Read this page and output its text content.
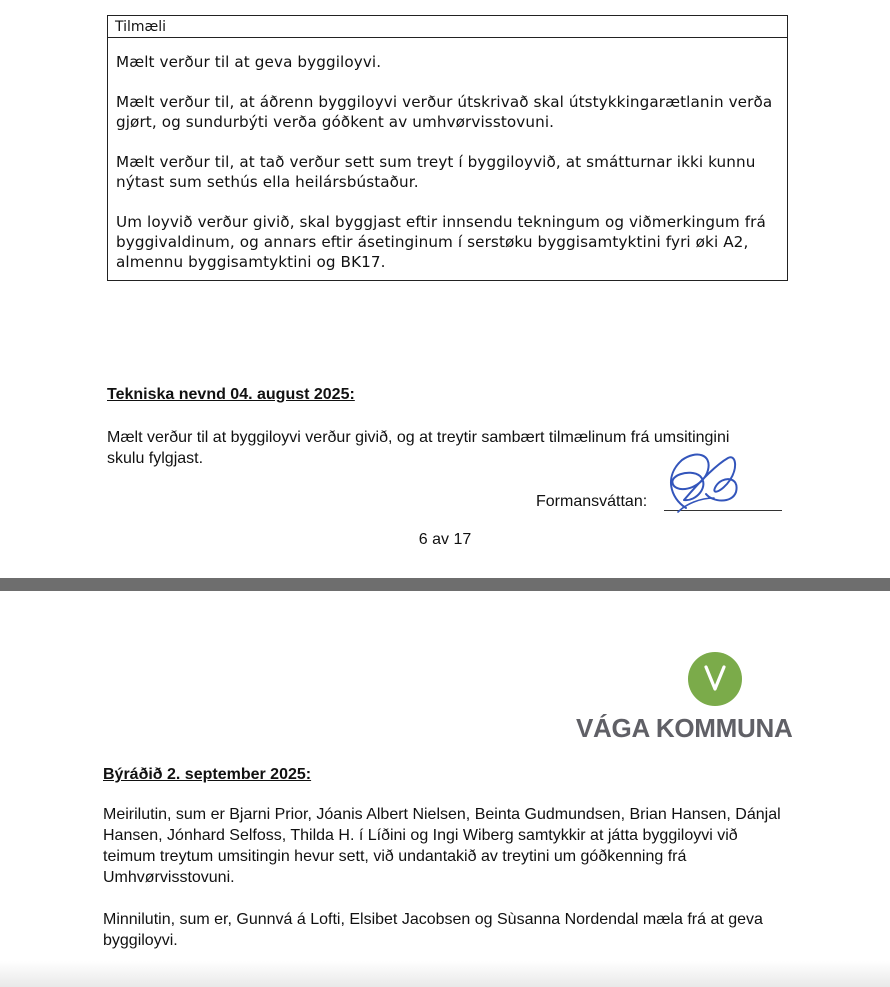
Tilmæli

Mælt verður til at geva byggiloyvi.

Mælt verður til, at áðrenn byggiloyvi verður útskrivað skal útstykkingarætlanin verða gjørt, og sundurbýti verða góðkent av umhvørvisstovuni.

Mælt verður til, at tað verður sett sum treyt í byggiloyvið, at smátturnar ikki kunnu nýtast sum sethús ella heilársbústaður.

Um loyvið verður givið, skal byggjast eftir innsendu tekningum og viðmerkingum frá byggivaldinum, og annars eftir ásetinginum í serstøku byggisamtyktini fyri øki A2, almennu byggisamtyktini og BK17.

Tekniska nevnd 04. august 2025:

Mælt verður til at byggiloyvi verður givið, og at treytir sambært tilmælinum frá umsitingini skulu fylgjast.

Formansváttan:
6 av 17
VÁGA KOMMUNA
Býráðið 2. september 2025:

Meirilutin, sum er Bjarni Prior, Jóanis Albert Nielsen, Beinta Gudmundsen, Brian Hansen, Dánjal Hansen, Jónhard Selfoss, Thilda H. í Líðini og Ingi Wiberg samtykkir at játta byggiloyvi við teimum treytum umsitingin hevur sett, við undantakið av treytini um góðkenning frá Umhvørvisstovuni.

Minnilutin, sum er, Gunnvá á Lofti, Elsibet Jacobsen og Sùsanna Nordendal mæla frá at geva byggiloyvi.
